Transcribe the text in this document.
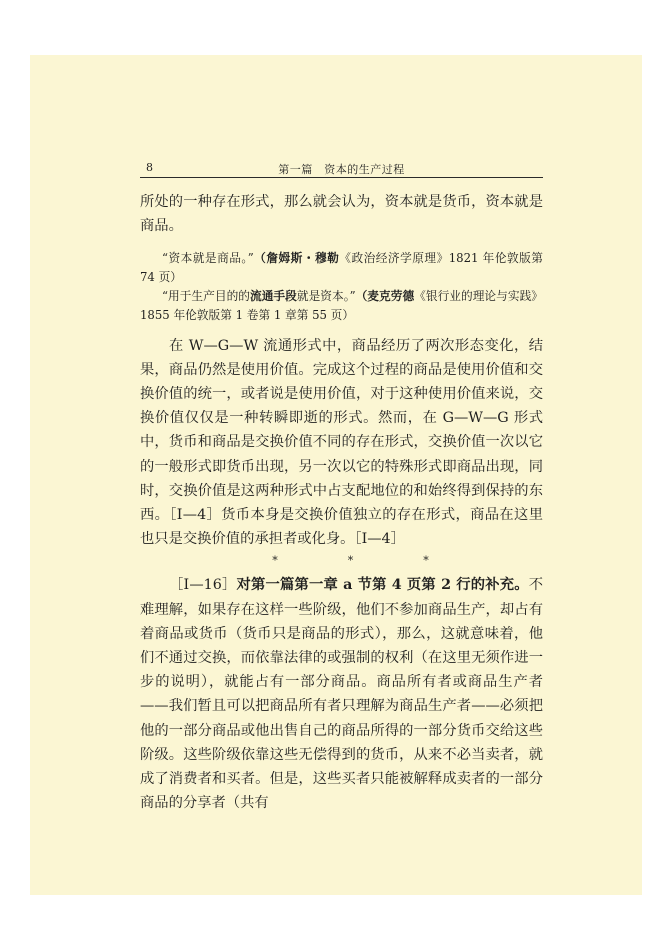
8	第一篇　资本的生产过程

所处的一种存在形式，那么就会认为，资本就是货币，资本就是商品。

“资本就是商品。”（詹姆斯・穆勒《政治经济学原理》1821 年伦敦版第 74 页）

“用于生产目的的流通手段就是资本。”（麦克劳德《银行业的理论与实践》1855 年伦敦版第 1 卷第 1 章第 55 页）

在 W—G—W 流通形式中，商品经历了两次形态变化，结果，商品仍然是使用价值。完成这个过程的商品是使用价值和交换价值的统一，或者说是使用价值，对于这种使用价值来说，交换价值仅仅是一种转瞬即逝的形式。然而，在 G—W—G 形式中，货币和商品是交换价值不同的存在形式，交换价值一次以它的一般形式即货币出现，另一次以它的特殊形式即商品出现，同时，交换价值是这两种形式中占支配地位的和始终得到保持的东西。［Ⅰ—4］货币本身是交换价值独立的存在形式，商品在这里也只是交换价值的承担者或化身。［Ⅰ—4］

*	*	*

［Ⅰ—16］对第一篇第一章 a 节第 4 页第 2 行的补充。不难理解，如果存在这样一些阶级，他们不参加商品生产，却占有着商品或货币（货币只是商品的形式），那么，这就意味着，他们不通过交换，而依靠法律的或强制的权利（在这里无须作进一步的说明），就能占有一部分商品。商品所有者或商品生产者——我们暂且可以把商品所有者只理解为商品生产者——必须把他的一部分商品或他出售自己的商品所得的一部分货币交给这些阶级。这些阶级依靠这些无偿得到的货币，从来不必当卖者，就成了消费者和买者。但是，这些买者只能被解释成卖者的一部分商品的分享者（共有
